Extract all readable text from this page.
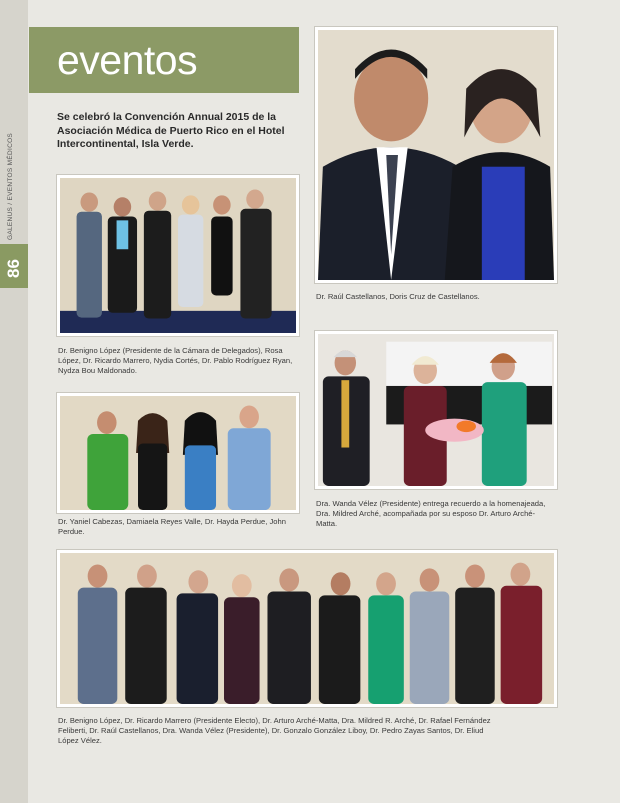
GALENUS / EVENTOS MÉDICOS
86
eventos
Se celebró la Convención Annual 2015 de la Asociación Médica de Puerto Rico en el Hotel Intercontinental, Isla Verde.
Dr. Benigno López (Presidente de la Cámara de Delegados), Rosa López, Dr. Ricardo Marrero, Nydia Cortés, Dr. Pablo Rodríguez Ryan, Nydza Bou Maldonado.
Dr. Raúl Castellanos, Doris Cruz de Castellanos.
Dr. Yaniel Cabezas, Damiaela Reyes Valle, Dr. Hayda Perdue, John Perdue.
Dra. Wanda Vélez (Presidente) entrega recuerdo a la homenajeada, Dra. Mildred Arché, acompañada por su esposo Dr. Arturo Arché-Matta.
Dr. Benigno López, Dr. Ricardo Marrero (Presidente Electo), Dr. Arturo Arché-Matta, Dra. Mildred R. Arché, Dr. Rafael Fernández Feliberti, Dr. Raúl Castellanos, Dra. Wanda Vélez (Presidente), Dr. Gonzalo González Liboy, Dr. Pedro Zayas Santos, Dr. Eliud López Vélez.
